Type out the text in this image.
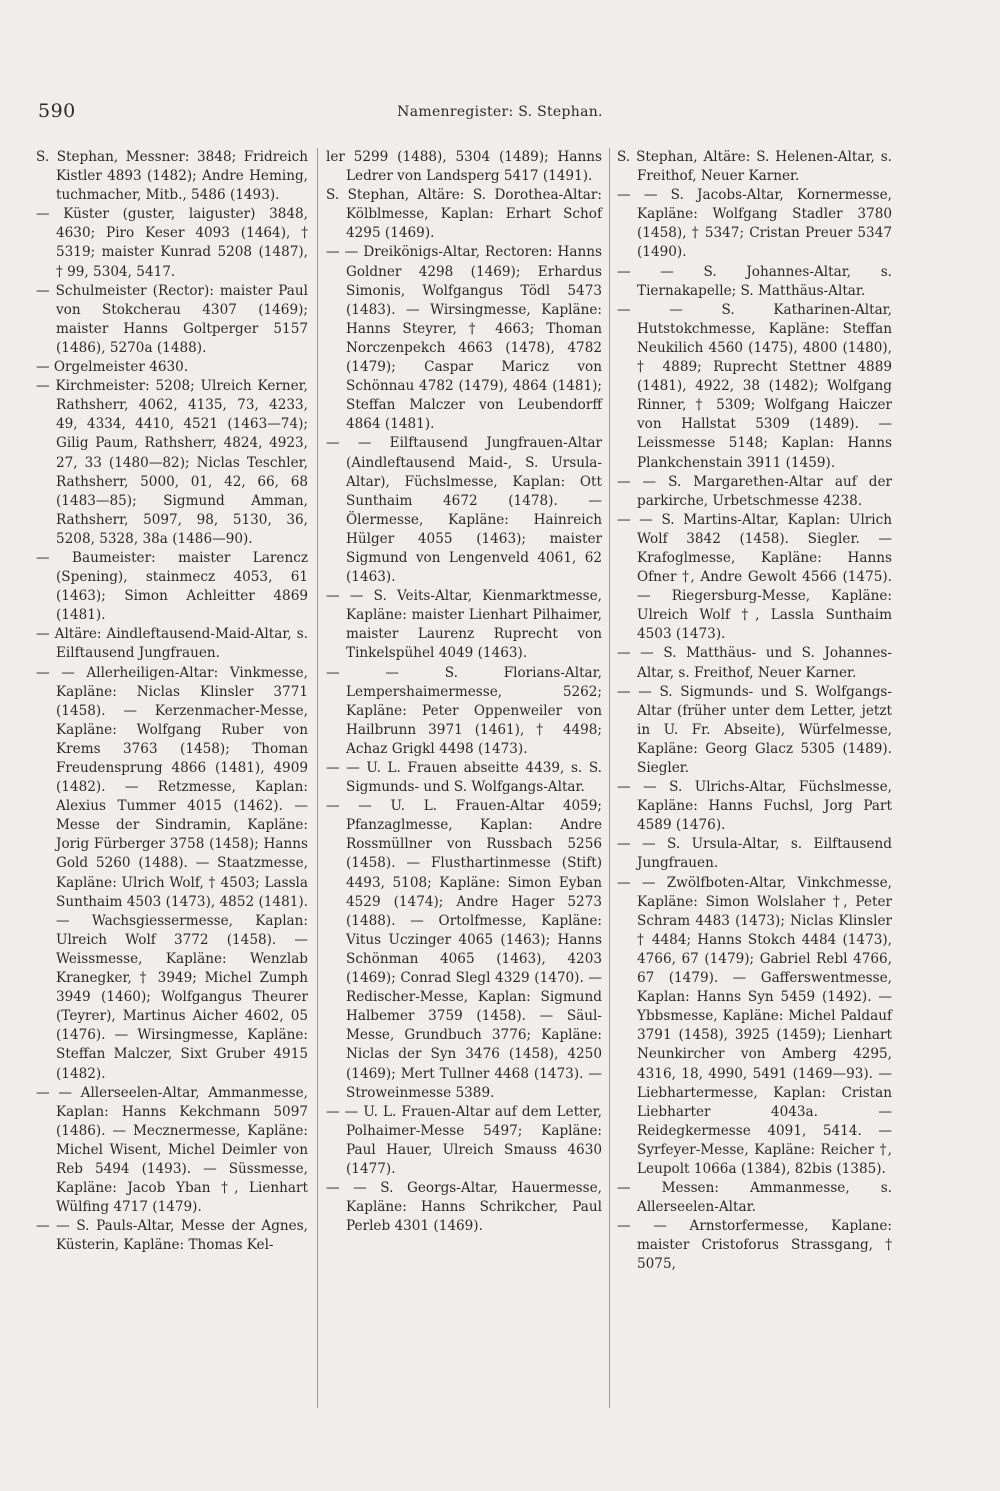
590	Namenregister: S. Stephan.

S. Stephan, Messner: 3848; Fridreich Kistler 4893 (1482); Andre Heming, tuchmacher, Mitb., 5486 (1493).

— Küster (guster, laiguster) 3848, 4630; Piro Keser 4093 (1464), † 5319; maister Kunrad 5208 (1487), † 99, 5304, 5417.

— Schulmeister (Rector): maister Paul von Stokcherau 4307 (1469); maister Hanns Goltperger 5157 (1486), 5270a (1488).

— Orgelmeister 4630.

— Kirchmeister: 5208; Ulreich Kerner, Rathsherr, 4062, 4135, 73, 4233, 49, 4334, 4410, 4521 (1463—74); Gilig Paum, Rathsherr, 4824, 4923, 27, 33 (1480—82); Niclas Teschler, Rathsherr, 5000, 01, 42, 66, 68 (1483—85); Sigmund Amman, Rathsherr, 5097, 98, 5130, 36, 5208, 5328, 38a (1486—90).

— Baumeister: maister Larencz (Spening), stainmecz 4053, 61 (1463); Simon Achleitter 4869 (1481).

— Altäre: Aindleftausend-Maid-Altar, s. Eilftausend Jungfrauen.

— — Allerheiligen-Altar: Vinkmesse, Kapläne: Niclas Klinsler 3771 (1458). — Kerzenmacher-Messe, Kapläne: Wolfgang Ruber von Krems 3763 (1458); Thoman Freudensprung 4866 (1481), 4909 (1482). — Retzmesse, Kaplan: Alexius Tummer 4015 (1462). — Messe der Sindramin, Kapläne: Jorig Fürberger 3758 (1458); Hanns Gold 5260 (1488). — Staatzmesse, Kapläne: Ulrich Wolf, † 4503; Lassla Sunthaim 4503 (1473), 4852 (1481). — Wachsgiessermesse, Kaplan: Ulreich Wolf 3772 (1458). — Weissmesse, Kapläne: Wenzlab Kranegker, † 3949; Michel Zumph 3949 (1460); Wolfgangus Theurer (Teyrer), Martinus Aicher 4602, 05 (1476). — Wirsingmesse, Kapläne: Steffan Malczer, Sixt Gruber 4915 (1482).

— — Allerseelen-Altar, Ammanmesse, Kaplan: Hanns Kekchmann 5097 (1486). — Mecznermesse, Kapläne: Michel Wisent, Michel Deimler von Reb 5494 (1493). — Süssmesse, Kapläne: Jacob Yban †, Lienhart Wülfing 4717 (1479).

— — S. Pauls-Altar, Messe der Agnes, Küsterin, Kapläne: Thomas Kel-

ler 5299 (1488), 5304 (1489); Hanns Ledrer von Landsperg 5417 (1491).

S. Stephan, Altäre: S. Dorothea-Altar: Kölblmesse, Kaplan: Erhart Schof 4295 (1469).

— — Dreikönigs-Altar, Rectoren: Hanns Goldner 4298 (1469); Erhardus Simonis, Wolfgangus Tödl 5473 (1483). — Wirsingmesse, Kapläne: Hanns Steyrer, † 4663; Thoman Norczenpekch 4663 (1478), 4782 (1479); Caspar Maricz von Schönnau 4782 (1479), 4864 (1481); Steffan Malczer von Leubendorff 4864 (1481).

— — Eilftausend Jungfrauen-Altar (Aindleftausend Maid-, S. Ursula-Altar), Füchslmesse, Kaplan: Ott Sunthaim 4672 (1478). — Ölermesse, Kapläne: Hainreich Hülger 4055 (1463); maister Sigmund von Lengenveld 4061, 62 (1463).

— — S. Veits-Altar, Kienmarktmesse, Kapläne: maister Lienhart Pilhaimer, maister Laurenz Ruprecht von Tinkelspühel 4049 (1463).

— — S. Florians-Altar, Lempershaimermesse, 5262; Kapläne: Peter Oppenweiler von Hailbrunn 3971 (1461), † 4498; Achaz Grigkl 4498 (1473).

— — U. L. Frauen abseitte 4439, s. S. Sigmunds- und S. Wolfgangs-Altar.

— — U. L. Frauen-Altar 4059; Pfanzaglmesse, Kaplan: Andre Rossmüllner von Russbach 5256 (1458). — Flusthartinmesse (Stift) 4493, 5108; Kapläne: Simon Eyban 4529 (1474); Andre Hager 5273 (1488). — Ortolfmesse, Kapläne: Vitus Uczinger 4065 (1463); Hanns Schönman 4065 (1463), 4203 (1469); Conrad Slegl 4329 (1470). — Redischer-Messe, Kaplan: Sigmund Halbemer 3759 (1458). — Säul-Messe, Grundbuch 3776; Kapläne: Niclas der Syn 3476 (1458), 4250 (1469); Mert Tullner 4468 (1473). — Stroweinmesse 5389.

— — U. L. Frauen-Altar auf dem Letter, Polhaimer-Messe 5497; Kapläne: Paul Hauer, Ulreich Smauss 4630 (1477).

— — S. Georgs-Altar, Hauermesse, Kapläne: Hanns Schrikcher, Paul Perleb 4301 (1469).

S. Stephan, Altäre: S. Helenen-Altar, s. Freithof, Neuer Karner.

— — S. Jacobs-Altar, Kornermesse, Kapläne: Wolfgang Stadler 3780 (1458), † 5347; Cristan Preuer 5347 (1490).

— — S. Johannes-Altar, s. Tiernakapelle; S. Matthäus-Altar.

— — S. Katharinen-Altar, Hutstokchmesse, Kapläne: Steffan Neukilich 4560 (1475), 4800 (1480), † 4889; Ruprecht Stettner 4889 (1481), 4922, 38 (1482); Wolfgang Rinner, † 5309; Wolfgang Haiczer von Hallstat 5309 (1489). — Leissmesse 5148; Kaplan: Hanns Plankchenstain 3911 (1459).

— — S. Margarethen-Altar auf der parkirche, Urbetschmesse 4238.

— — S. Martins-Altar, Kaplan: Ulrich Wolf 3842 (1458). Siegler. — Krafoglmesse, Kapläne: Hanns Ofner †, Andre Gewolt 4566 (1475). — Riegersburg-Messe, Kapläne: Ulreich Wolf †, Lassla Sunthaim 4503 (1473).

— — S. Matthäus- und S. Johannes-Altar, s. Freithof, Neuer Karner.

— — S. Sigmunds- und S. Wolfgangs-Altar (früher unter dem Letter, jetzt in U. Fr. Abseite), Würfelmesse, Kapläne: Georg Glacz 5305 (1489). Siegler.

— — S. Ulrichs-Altar, Füchslmesse, Kapläne: Hanns Fuchsl, Jorg Part 4589 (1476).

— — S. Ursula-Altar, s. Eilftausend Jungfrauen.

— — Zwölfboten-Altar, Vinkchmesse, Kapläne: Simon Wolslaher †, Peter Schram 4483 (1473); Niclas Klinsler † 4484; Hanns Stokch 4484 (1473), 4766, 67 (1479); Gabriel Rebl 4766, 67 (1479). — Gafferswentmesse, Kaplan: Hanns Syn 5459 (1492). — Ybbsmesse, Kapläne: Michel Paldauf 3791 (1458), 3925 (1459); Lienhart Neunkircher von Amberg 4295, 4316, 18, 4990, 5491 (1469—93). — Liebhartermesse, Kaplan: Cristan Liebharter 4043a. — Reidegkermesse 4091, 5414. — Syrfeyer-Messe, Kapläne: Reicher †, Leupolt 1066a (1384), 82bis (1385).

— Messen: Ammanmesse, s. Allerseelen-Altar.

— — Arnstorfermesse, Kaplane: maister Cristoforus Strassgang, † 5075,
